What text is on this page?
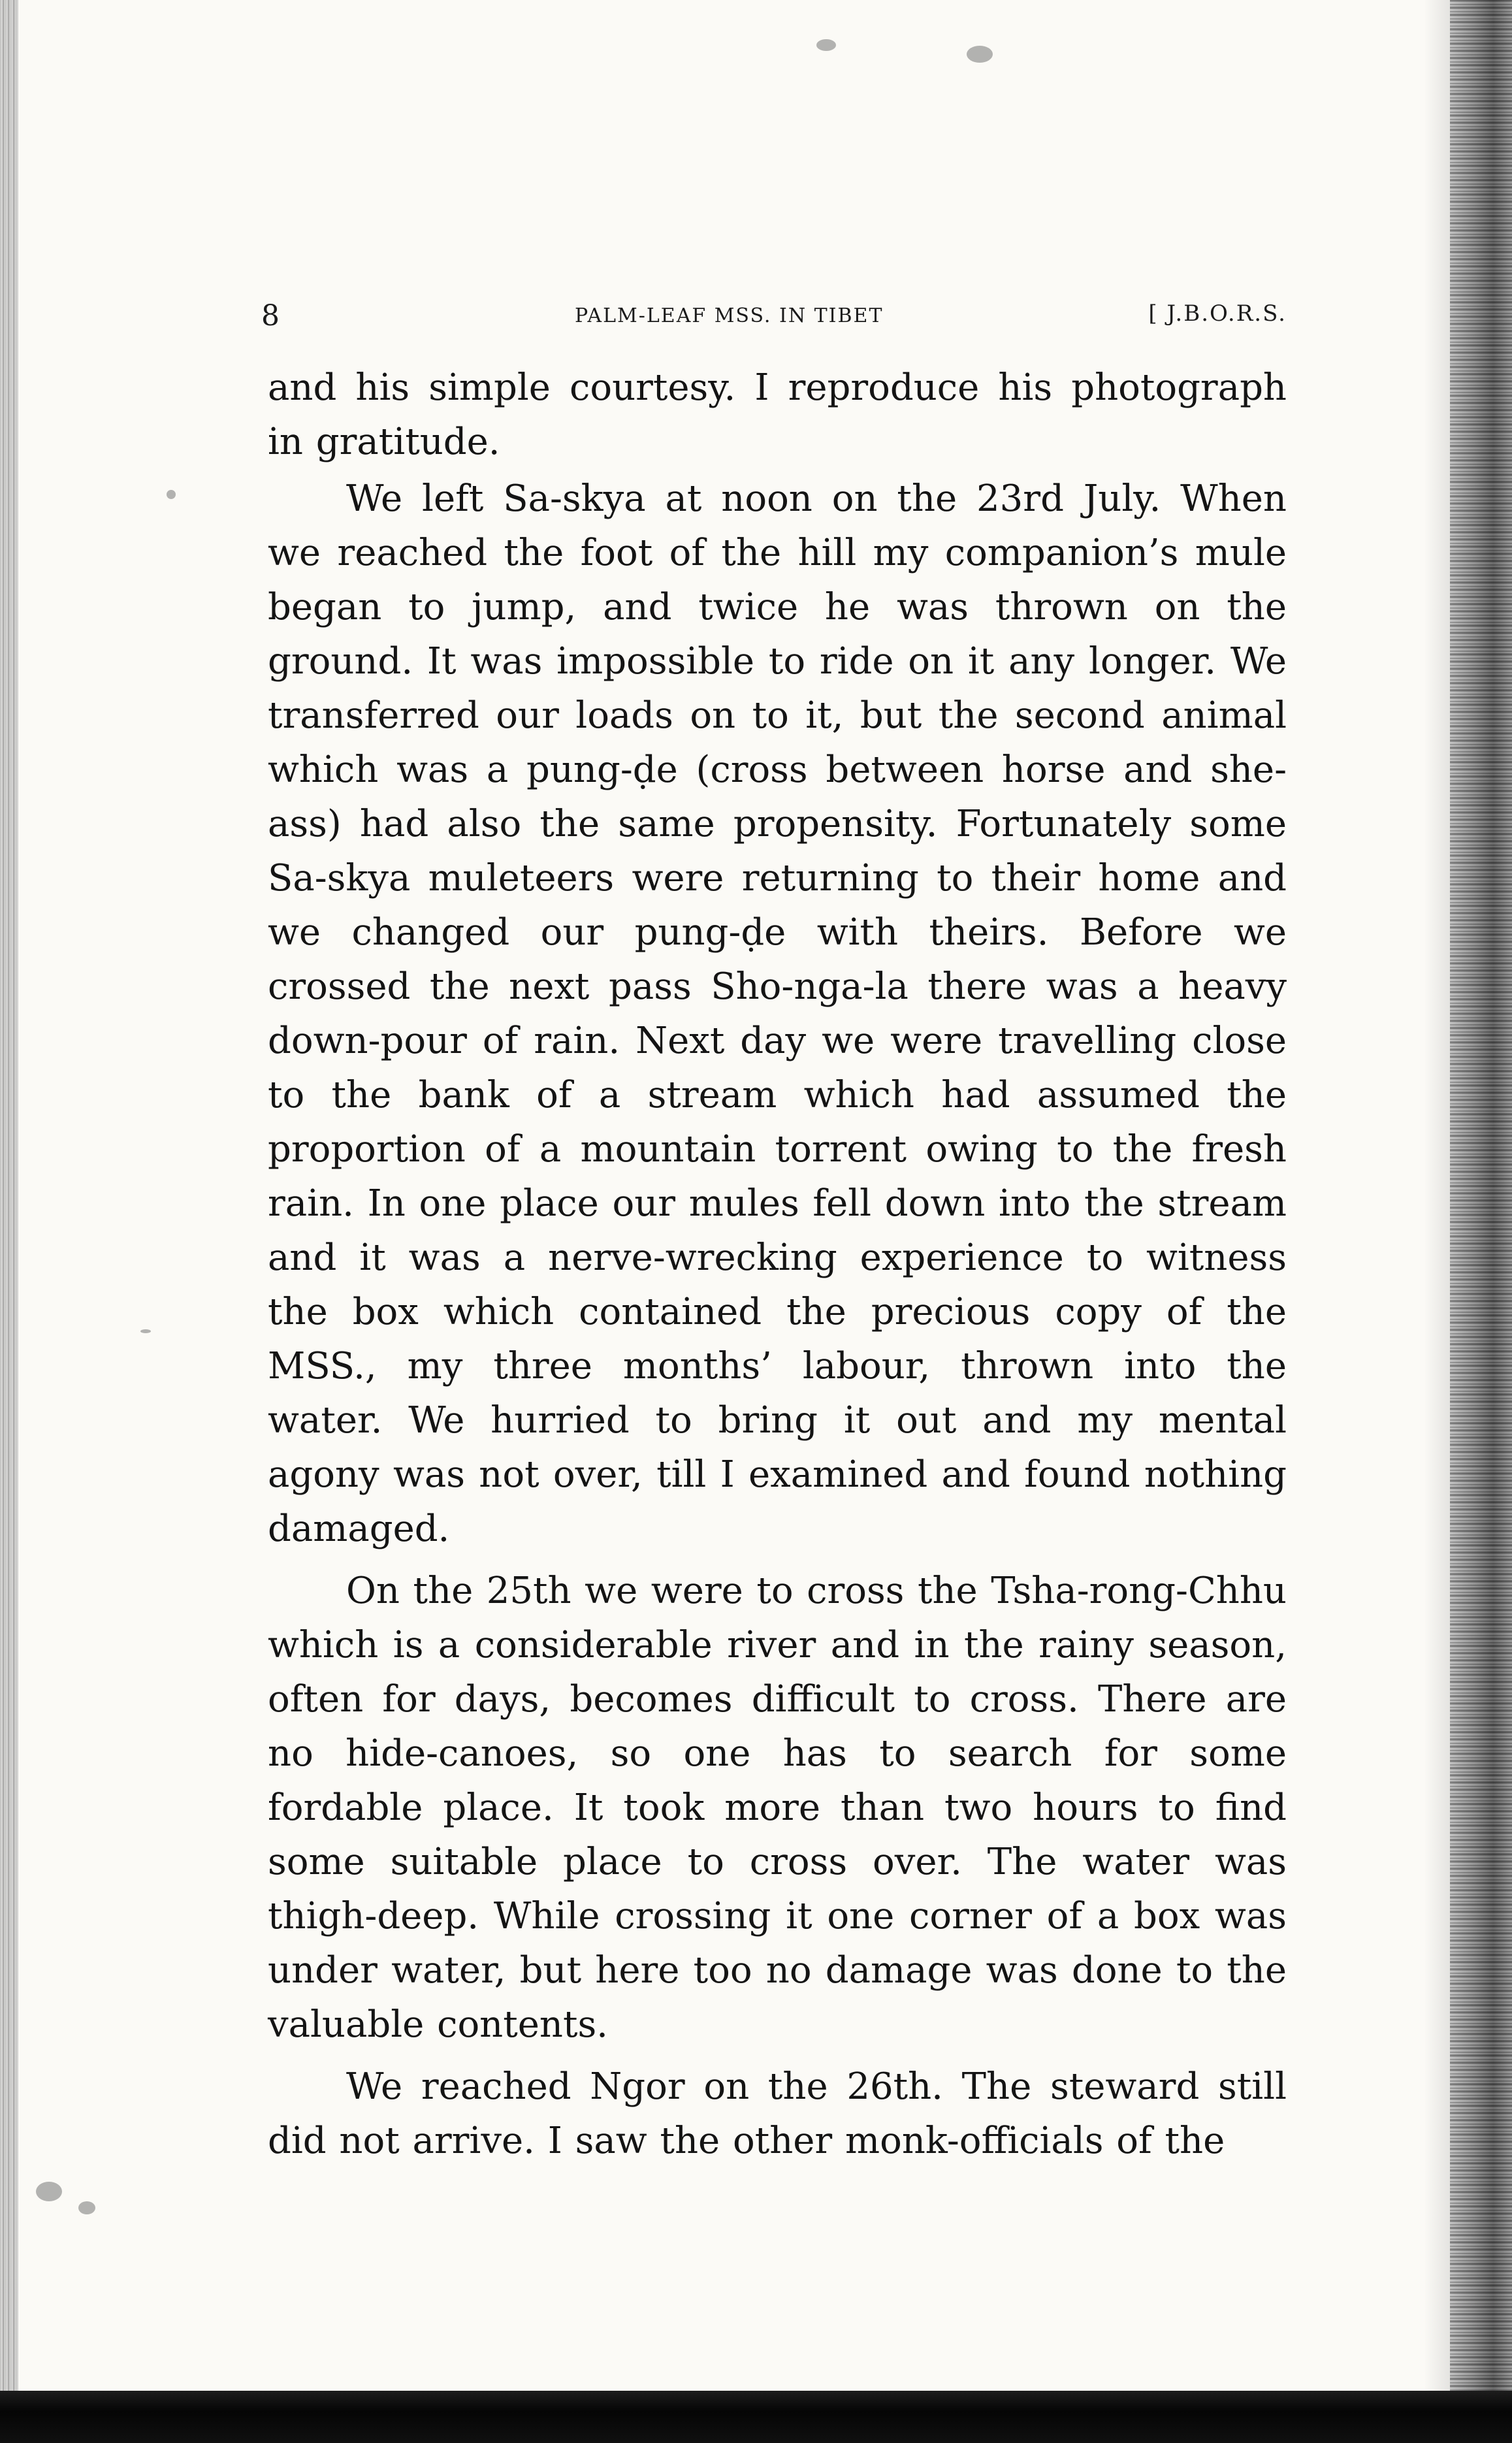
8	PALM-LEAF MSS. IN TIBET	[ J.B.O.R.S.

and his simple courtesy. I reproduce his photograph in gratitude.

We left Sa-skya at noon on the 23rd July. When we reached the foot of the hill my companion’s mule began to jump, and twice he was thrown on the ground. It was impossible to ride on it any longer. We transferred our loads on to it, but the second animal which was a pung-ḍe (cross between horse and she-ass) had also the same propensity. Fortunately some Sa-skya muleteers were returning to their home and we changed our pung-ḍe with theirs. Before we crossed the next pass Sho-nga-la there was a heavy down-pour of rain. Next day we were travelling close to the bank of a stream which had assumed the proportion of a mountain torrent owing to the fresh rain. In one place our mules fell down into the stream and it was a nerve-wrecking experience to witness the box which contained the precious copy of the MSS., my three months’ labour, thrown into the water. We hurried to bring it out and my mental agony was not over, till I examined and found nothing damaged.

On the 25th we were to cross the Tsha-rong-Chhu which is a considerable river and in the rainy season, often for days, becomes difficult to cross. There are no hide-canoes, so one has to search for some fordable place. It took more than two hours to find some suitable place to cross over. The water was thigh-deep. While crossing it one corner of a box was under water, but here too no damage was done to the valuable contents.

We reached Ngor on the 26th. The steward still did not arrive. I saw the other monk-officials of the
